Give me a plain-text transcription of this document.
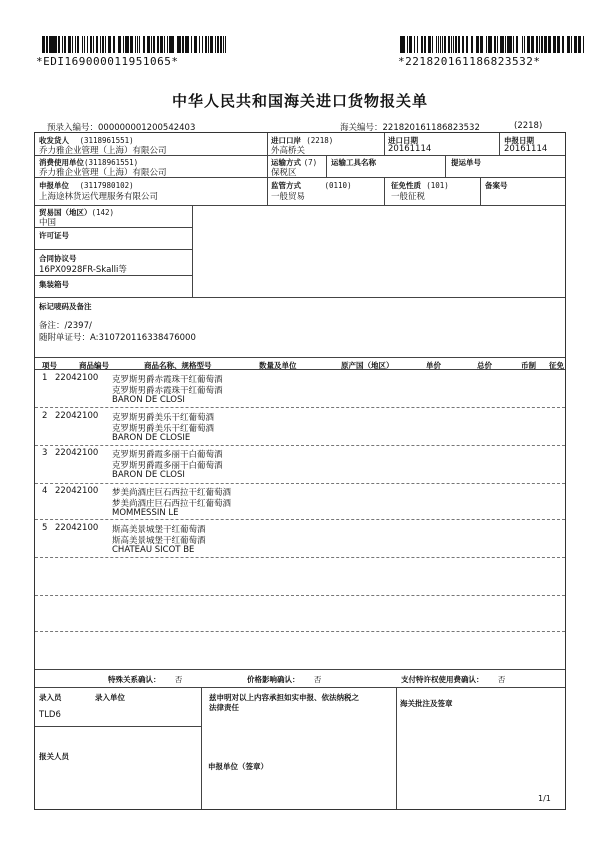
*EDI169000011951065*	*221820161186823532*
中华人民共和国海关进口货物报关单
预录入编号：000000001200542403	海关编号：221820161186823532	(2218)
收发货人 (3118961551)
乔力雅企业管理（上海）有限公司
进口口岸 (2218)
外高桥关
进口日期
20161114
申报日期
20161114
消费使用单位(3118961551)
乔力雅企业管理（上海）有限公司
运输方式 (7)
保税区
运输工具名称	提运单号
申报单位 (3117980102)
上海途林货运代理服务有限公司
监管方式	(0110)
一般贸易
征免性质 (101)
一般征税
备案号
贸易国（地区）(142)
中国
许可证号
合同协议号
16PX0928FR-Skalli等
集装箱号
标记唛码及备注
备注：/2397/
随附单证号：A:310720116338476000
项号	商品编号	商品名称、规格型号	数量及单位	原产国（地区）	单价	总价	币制 征免
1 22042100 克罗斯男爵赤霞珠干红葡萄酒
克罗斯男爵赤霞珠干红葡萄酒
BARON DE CLOSI
2 22042100 克罗斯男爵美乐干红葡萄酒
克罗斯男爵美乐干红葡萄酒
BARON DE CLOSIE
3 22042100 克罗斯男爵霞多丽干白葡萄酒
克罗斯男爵霞多丽干白葡萄酒
BARON DE CLOSI
4 22042100 梦美尚酒庄巨石西拉干红葡萄酒
梦美尚酒庄巨石西拉干红葡萄酒
MOMMESSIN LE
5 22042100 斯高美景城堡干红葡萄酒
斯高美景城堡干红葡萄酒
CHATEAU SICOT BE
特殊关系确认： 否	价格影响确认： 否	支付特许权使用费确认： 否
录入员	录入单位
TLD6
兹申明对以上内容承担如实申报、依法纳税之
法律责任	海关批注及签章
报关人员
申报单位（签章）
1/1
